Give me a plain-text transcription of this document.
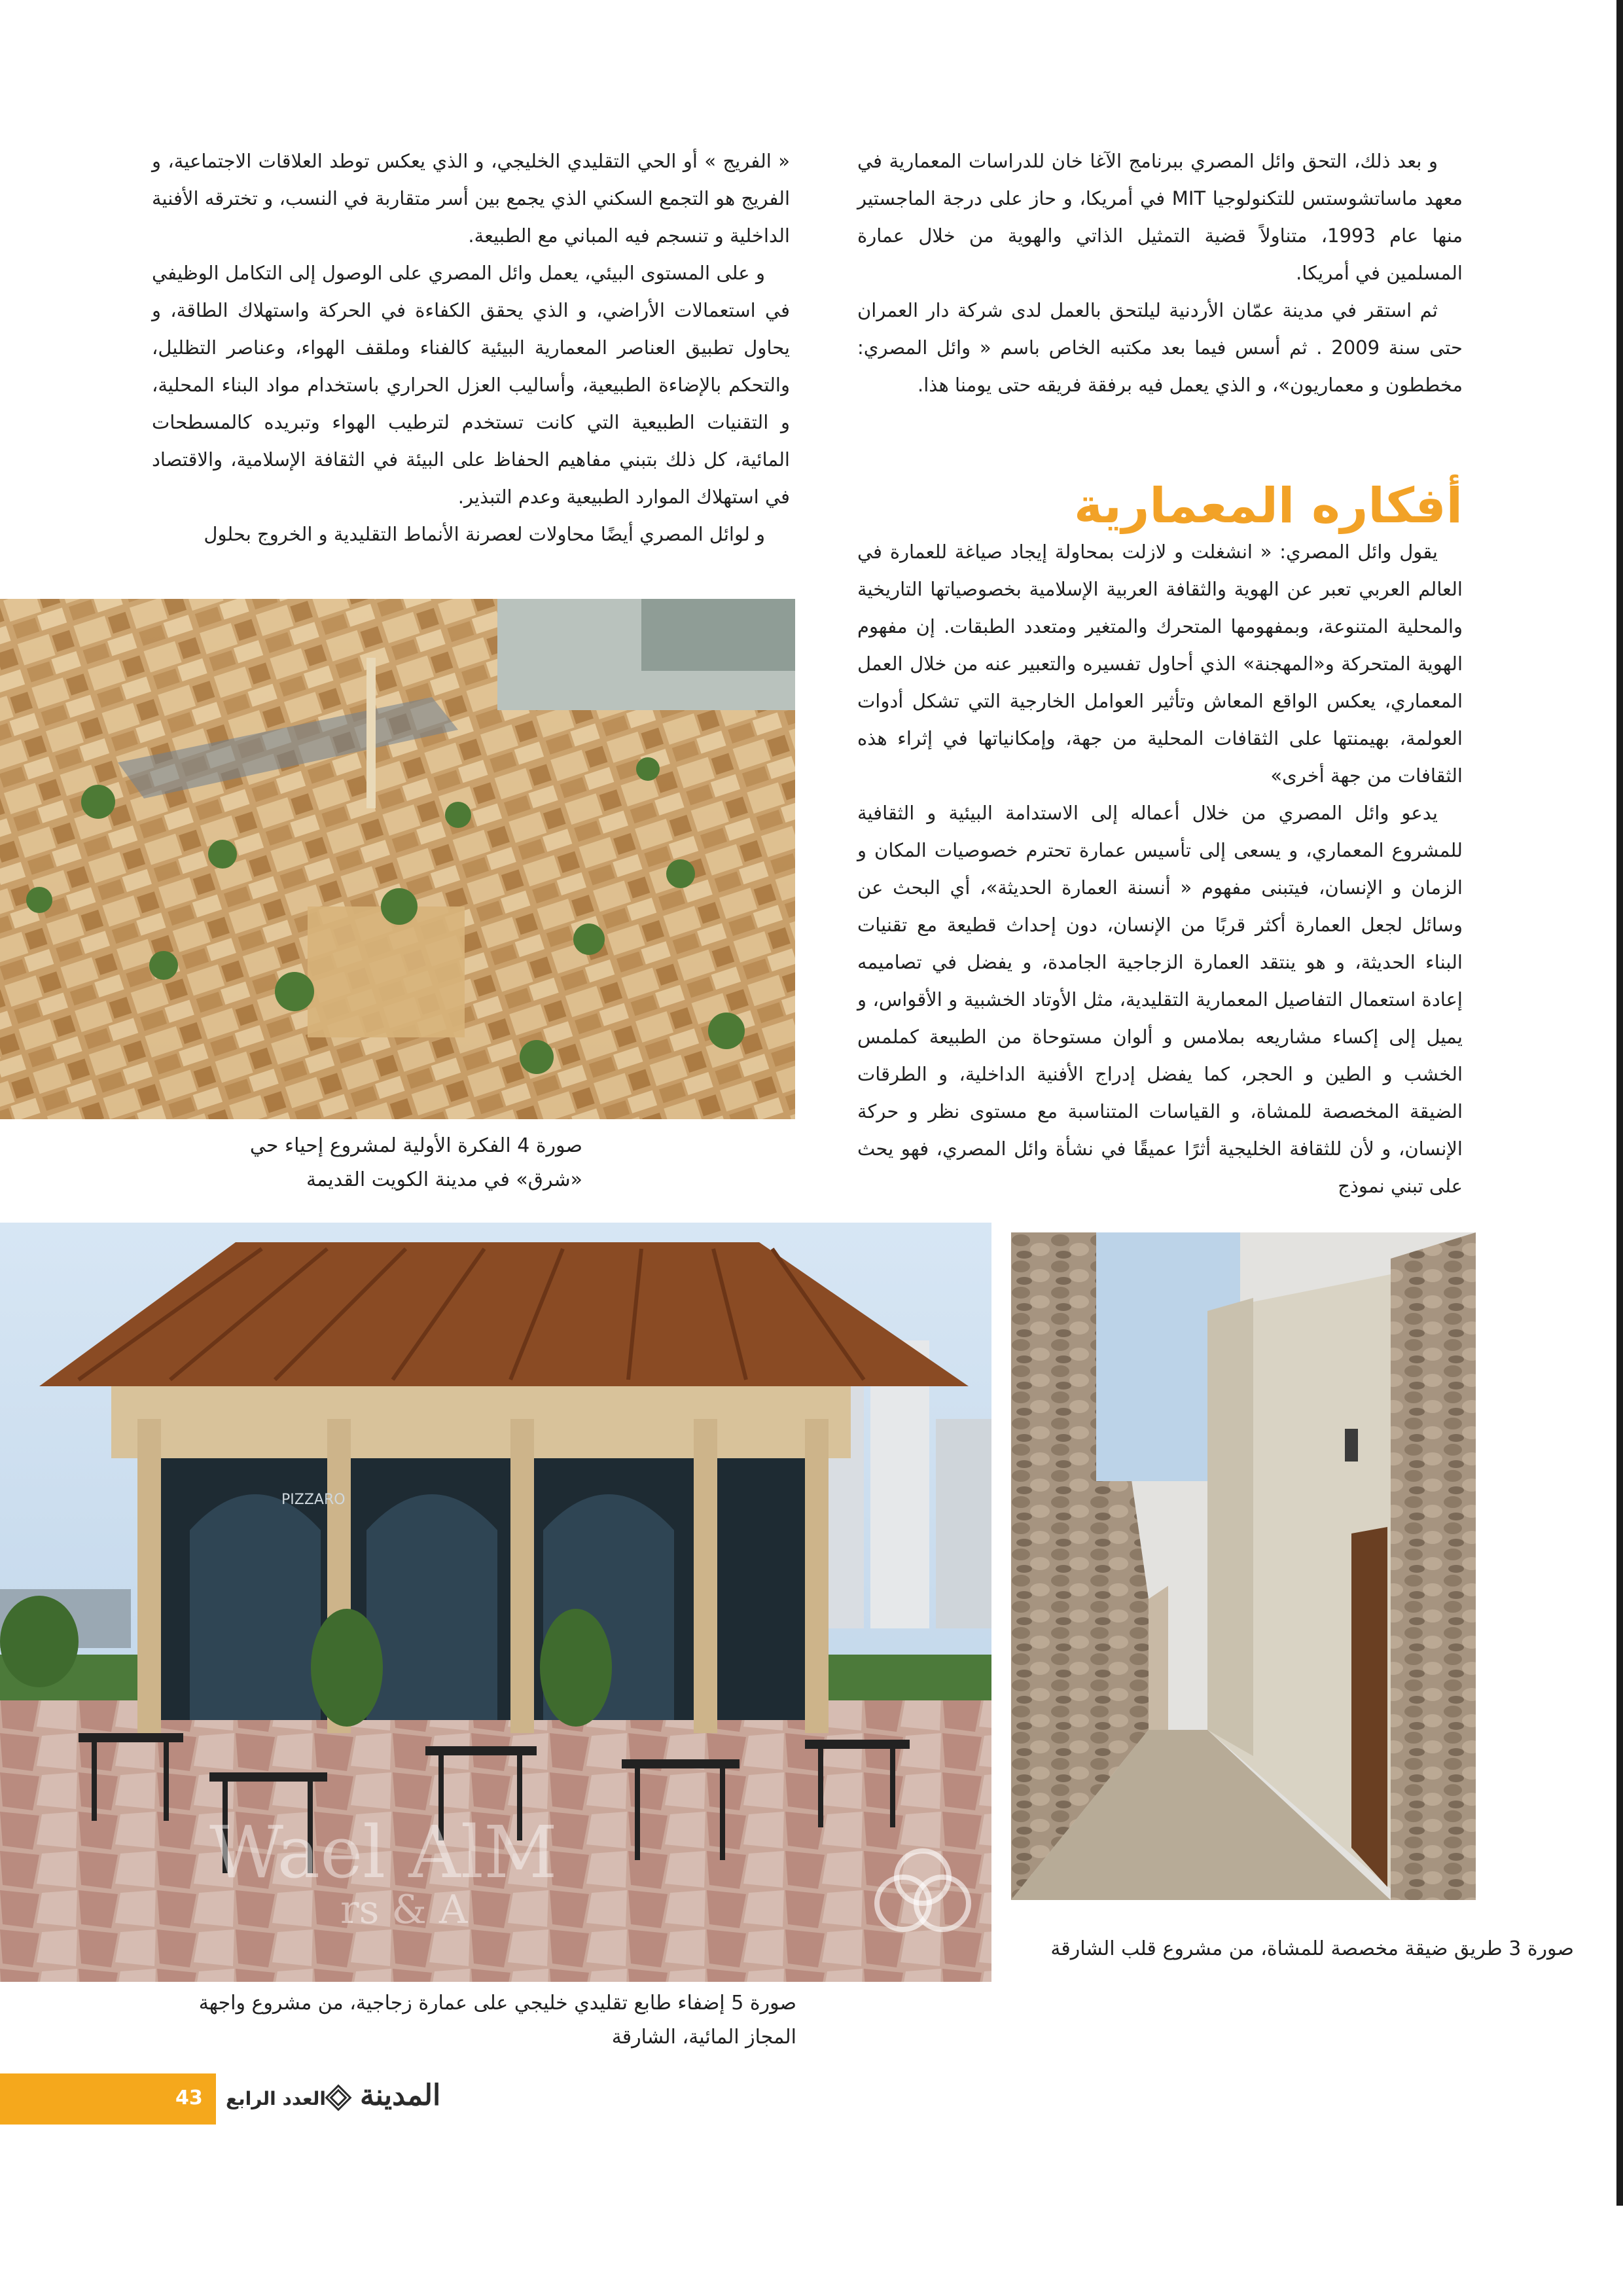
و بعد ذلك، التحق وائل المصري ببرنامج الآغا خان للدراسات المعمارية في معهد ماساتشوستس للتكنولوجيا MIT في أمريكا، و حاز على درجة الماجستير منها عام 1993، متناولاً قضية التمثيل الذاتي والهوية من خلال عمارة المسلمين في أمريكا.

ثم استقر في مدينة عمّان الأردنية ليلتحق بالعمل لدى شركة دار العمران حتى سنة 2009 . ثم أسس فيما بعد مكتبه الخاص باسم « وائل المصري: مخططون و معماريون»، و الذي يعمل فيه برفقة فريقه حتى يومنا هذا.

أفكاره المعمارية

يقول وائل المصري: « انشغلت و لازلت بمحاولة إيجاد صياغة للعمارة في العالم العربي تعبر عن الهوية والثقافة العربية الإسلامية بخصوصياتها التاريخية والمحلية المتنوعة، وبمفهومها المتحرك والمتغير ومتعدد الطبقات. إن مفهوم الهوية المتحركة و«المهجنة» الذي أحاول تفسيره والتعبير عنه من خلال العمل المعماري، يعكس الواقع المعاش وتأثير العوامل الخارجية التي تشكل أدوات العولمة، بهيمنتها على الثقافات المحلية من جهة، وإمكانياتها في إثراء هذه الثقافات من جهة أخرى»

يدعو وائل المصري من خلال أعماله إلى الاستدامة البيئية و الثقافية للمشروع المعماري، و يسعى إلى تأسيس عمارة تحترم خصوصيات المكان و الزمان و الإنسان، فيتبنى مفهوم « أنسنة العمارة الحديثة»، أي البحث عن وسائل لجعل العمارة أكثر قربًا من الإنسان، دون إحداث قطيعة مع تقنيات البناء الحديثة، و هو ينتقد العمارة الزجاجية الجامدة، و يفضل في تصاميمه إعادة استعمال التفاصيل المعمارية التقليدية، مثل الأوتاد الخشبية و الأقواس، و يميل إلى إكساء مشاريعه بملامس و ألوان مستوحاة من الطبيعة كملمس الخشب و الطين و الحجر، كما يفضل إدراج الأفنية الداخلية، و الطرقات الضيقة المخصصة للمشاة، و القياسات المتناسبة مع مستوى نظر و حركة الإنسان، و لأن للثقافة الخليجية أثرًا عميقًا في نشأة وائل المصري، فهو يحث على تبني نموذج

« الفريج » أو الحي التقليدي الخليجي، و الذي يعكس توطد العلاقات الاجتماعية، و الفريج هو التجمع السكني الذي يجمع بين أسر متقاربة في النسب، و تخترقه الأفنية الداخلية و تنسجم فيه المباني مع الطبيعة.

و على المستوى البيئي، يعمل وائل المصري على الوصول إلى التكامل الوظيفي في استعمالات الأراضي، و الذي يحقق الكفاءة في الحركة واستهلاك الطاقة، و يحاول تطبيق العناصر المعمارية البيئية كالفناء وملقف الهواء، وعناصر التظليل، والتحكم بالإضاءة الطبيعية، وأساليب العزل الحراري باستخدام مواد البناء المحلية، و التقنيات الطبيعية التي كانت تستخدم لترطيب الهواء وتبريده كالمسطحات المائية، كل ذلك بتبني مفاهيم الحفاظ على البيئة في الثقافة الإسلامية، والاقتصاد في استهلاك الموارد الطبيعية وعدم التبذير.

و لوائل المصري أيضًا محاولات لعصرنة الأنماط التقليدية و الخروج بحلول

صورة 4 الفكرة الأولية لمشروع إحياء حي
«شرق» في مدينة الكويت القديمة
PIZZARO
Wael AlM
rs & A
صورة 3 طريق ضيقة مخصصة للمشاة، من مشروع قلب الشارقة
صورة 5 إضفاء طابع تقليدي خليجي على عمارة زجاجية، من مشروع واجهة
المجاز المائية، الشارقة
43 العدد الرابع المدينة
